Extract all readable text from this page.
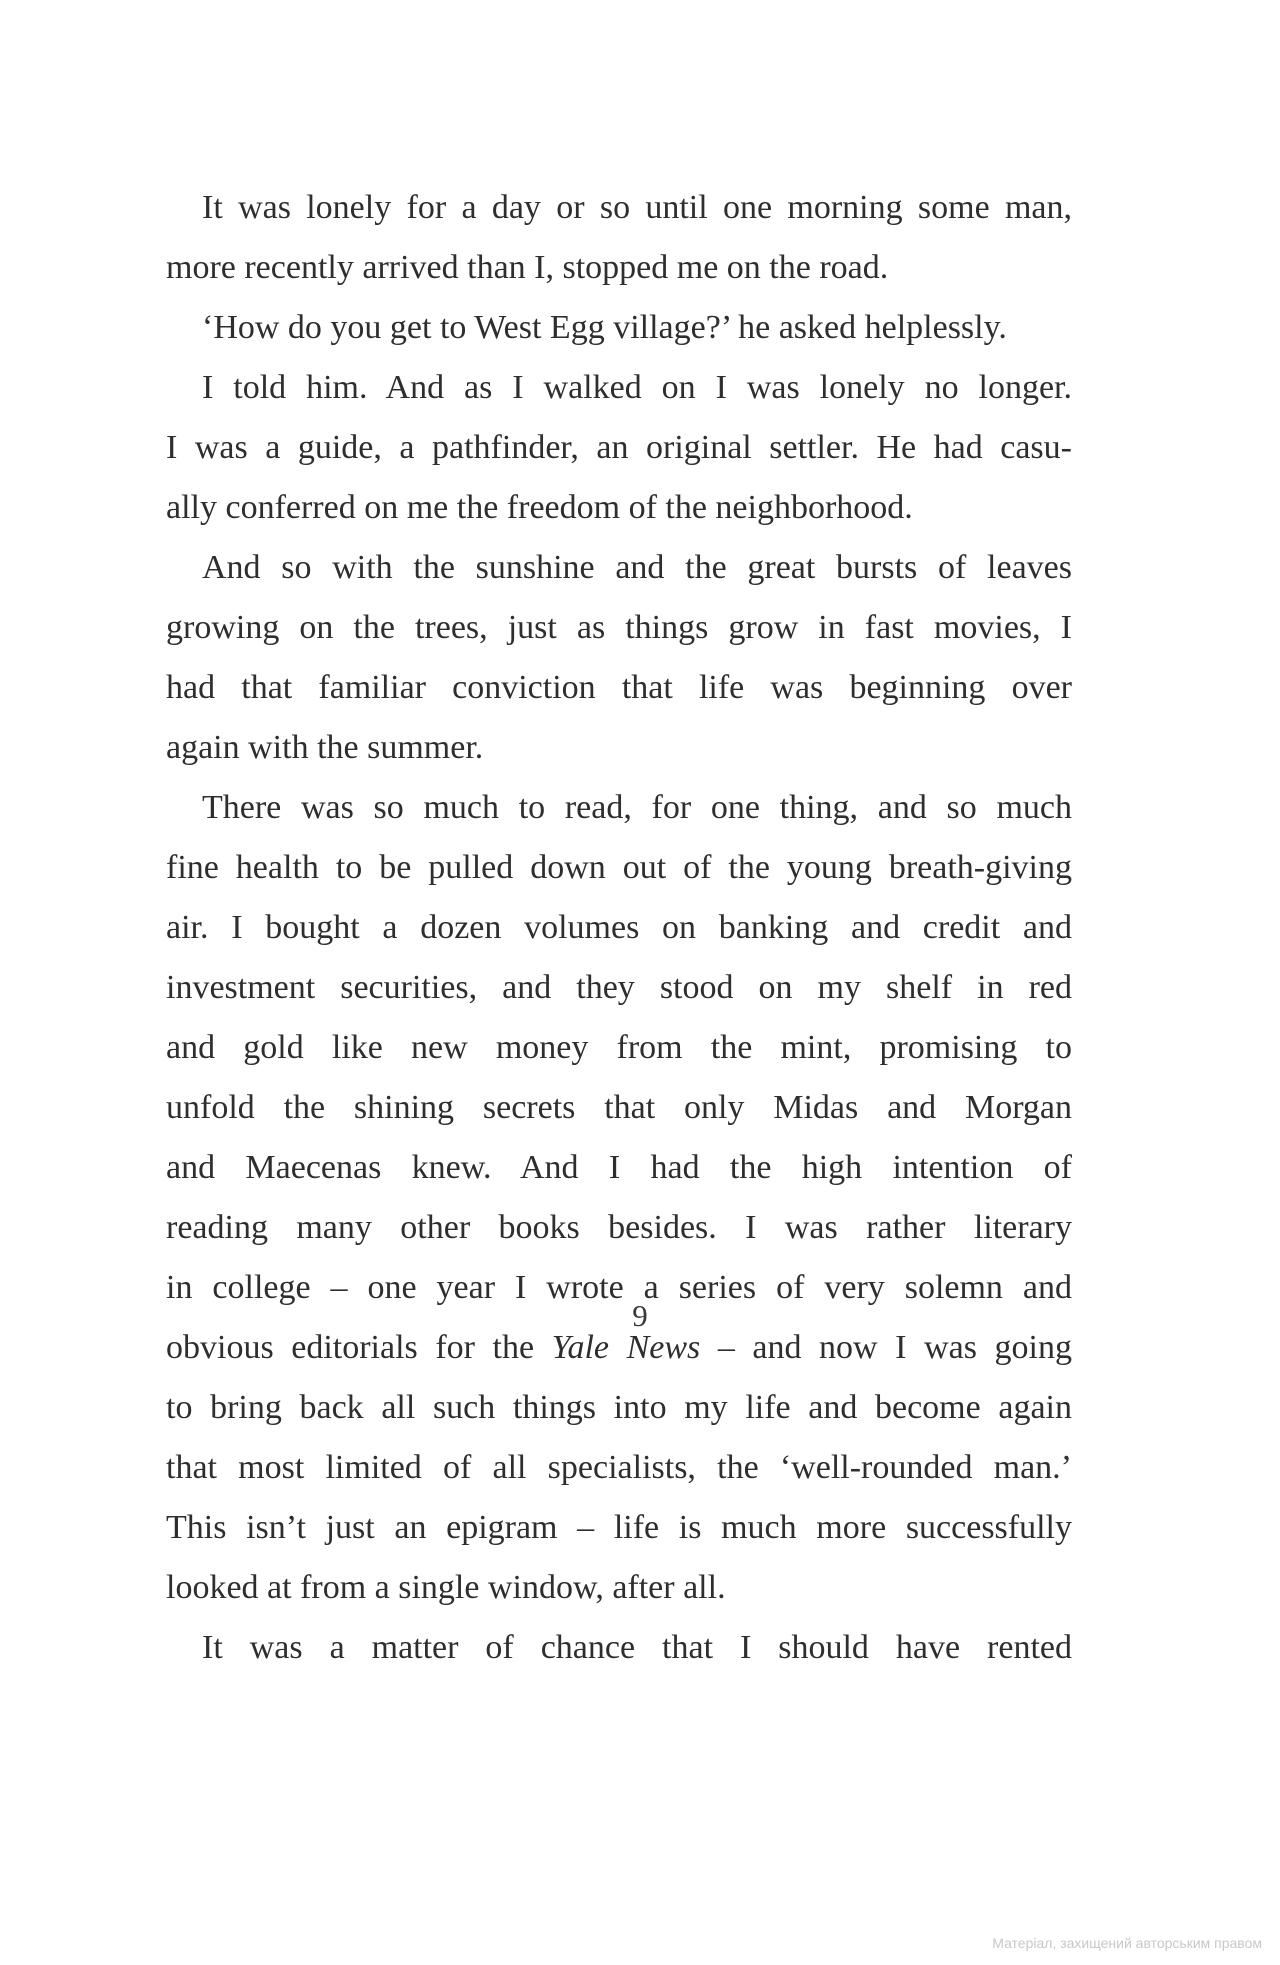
It was lonely for a day or so until one morning some man,
more recently arrived than I, stopped me on the road.
‘How do you get to West Egg village?’ he asked helplessly.
I told him. And as I walked on I was lonely no longer.
I was a guide, a pathfinder, an original settler. He had casu-
ally conferred on me the freedom of the neighborhood.
And so with the sunshine and the great bursts of leaves
growing on the trees, just as things grow in fast movies, I
had that familiar conviction that life was beginning over
again with the summer.
There was so much to read, for one thing, and so much
fine health to be pulled down out of the young breath-giving
air. I bought a dozen volumes on banking and credit and
investment securities, and they stood on my shelf in red
and gold like new money from the mint, promising to
unfold the shining secrets that only Midas and Morgan
and Maecenas knew. And I had the high intention of
reading many other books besides. I was rather literary
in college – one year I wrote a series of very solemn and
obvious editorials for the Yale News – and now I was going
to bring back all such things into my life and become again
that most limited of all specialists, the ‘well-rounded man.’
This isn’t just an epigram – life is much more successfully
looked at from a single window, after all.
It was a matter of chance that I should have rented
9
Матеріал, захищений авторським правом
